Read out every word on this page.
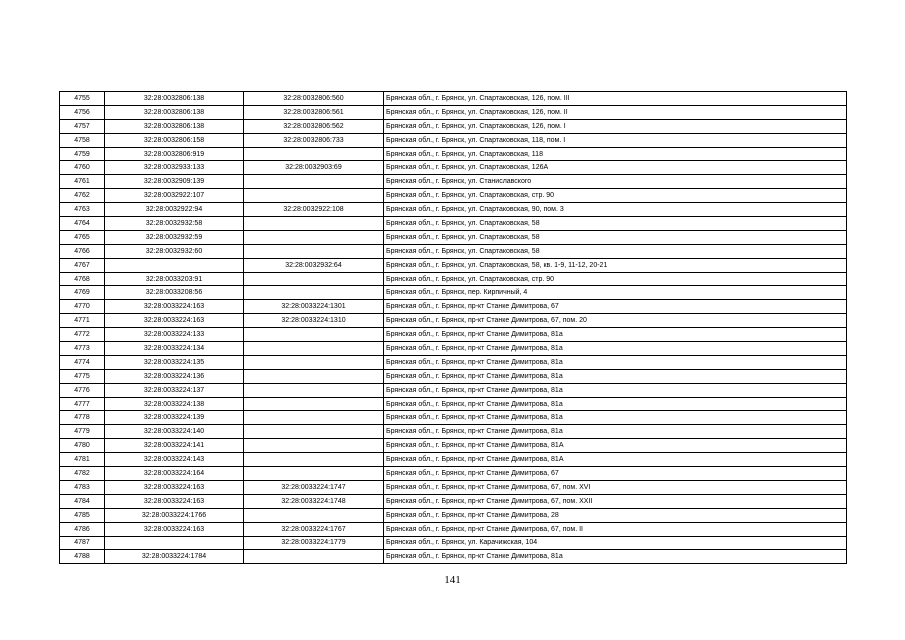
4755	32:28:0032806:138	32:28:0032806:560	Брянская обл., г. Брянск, ул. Спартаковская, 126, пом. III
4756	32:28:0032806:138	32:28:0032806:561	Брянская обл., г. Брянск, ул. Спартаковская, 126, пом. II
4757	32:28:0032806:138	32:28:0032806:562	Брянская обл., г. Брянск, ул. Спартаковская, 126, пом. I
4758	32:28:0032806:158	32:28:0032806:733	Брянская обл., г. Брянск, ул. Спартаковская, 118, пом. I
4759	32:28:0032806:919		Брянская обл., г. Брянск, ул. Спартаковская, 118
4760	32:28:0032933:133	32:28:0032903:69	Брянская обл., г. Брянск, ул. Спартаковская, 126А
4761	32:28:0032909:139		Брянская обл., г. Брянск, ул. Станиславского
4762	32:28:0032922:107		Брянская обл., г. Брянск, ул. Спартаковская, стр. 90
4763	32:28:0032922:94	32:28:0032922:108	Брянская обл., г. Брянск, ул. Спартаковская, 90, пом. 3
4764	32:28:0032932:58		Брянская обл., г. Брянск, ул. Спартаковская, 58
4765	32:28:0032932:59		Брянская обл., г. Брянск, ул. Спартаковская, 58
4766	32:28:0032932:60		Брянская обл., г. Брянск, ул. Спартаковская, 58
4767		32:28:0032932:64	Брянская обл., г. Брянск, ул. Спартаковская, 58, кв. 1-9, 11-12, 20-21
4768	32:28:0033203:91		Брянская обл., г. Брянск, ул. Спартаковская, стр. 90
4769	32:28:0033208:56		Брянская обл., г. Брянск, пер. Кирпичный, 4
4770	32:28:0033224:163	32:28:0033224:1301	Брянская обл., г. Брянск, пр-кт Станке Димитрова, 67
4771	32:28:0033224:163	32:28:0033224:1310	Брянская обл., г. Брянск, пр-кт Станке Димитрова, 67, пом. 20
4772	32:28:0033224:133		Брянская обл., г. Брянск, пр-кт Станке Димитрова, 81а
4773	32:28:0033224:134		Брянская обл., г. Брянск, пр-кт Станке Димитрова, 81а
4774	32:28:0033224:135		Брянская обл., г. Брянск, пр-кт Станке Димитрова, 81а
4775	32:28:0033224:136		Брянская обл., г. Брянск, пр-кт Станке Димитрова, 81а
4776	32:28:0033224:137		Брянская обл., г. Брянск, пр-кт Станке Димитрова, 81а
4777	32:28:0033224:138		Брянская обл., г. Брянск, пр-кт Станке Димитрова, 81а
4778	32:28:0033224:139		Брянская обл., г. Брянск, пр-кт Станке Димитрова, 81а
4779	32:28:0033224:140		Брянская обл., г. Брянск, пр-кт Станке Димитрова, 81а
4780	32:28:0033224:141		Брянская обл., г. Брянск, пр-кт Станке Димитрова, 81А
4781	32:28:0033224:143		Брянская обл., г. Брянск, пр-кт Станке Димитрова, 81А
4782	32:28:0033224:164		Брянская обл., г. Брянск, пр-кт Станке Димитрова, 67
4783	32:28:0033224:163	32:28:0033224:1747	Брянская обл., г. Брянск, пр-кт Станке Димитрова, 67, пом. XVI
4784	32:28:0033224:163	32:28:0033224:1748	Брянская обл., г. Брянск, пр-кт Станке Димитрова, 67, пом. XXII
4785	32:28:0033224:1766		Брянская обл., г. Брянск, пр-кт Станке Димитрова, 28
4786	32:28:0033224:163	32:28:0033224:1767	Брянская обл., г. Брянск, пр-кт Станке Димитрова, 67, пом. II
4787		32:28:0033224:1779	Брянская обл., г. Брянск, ул. Карачижская, 104
4788	32:28:0033224:1784		Брянская обл., г. Брянск, пр-кт Станке Димитрова, 81а
141
